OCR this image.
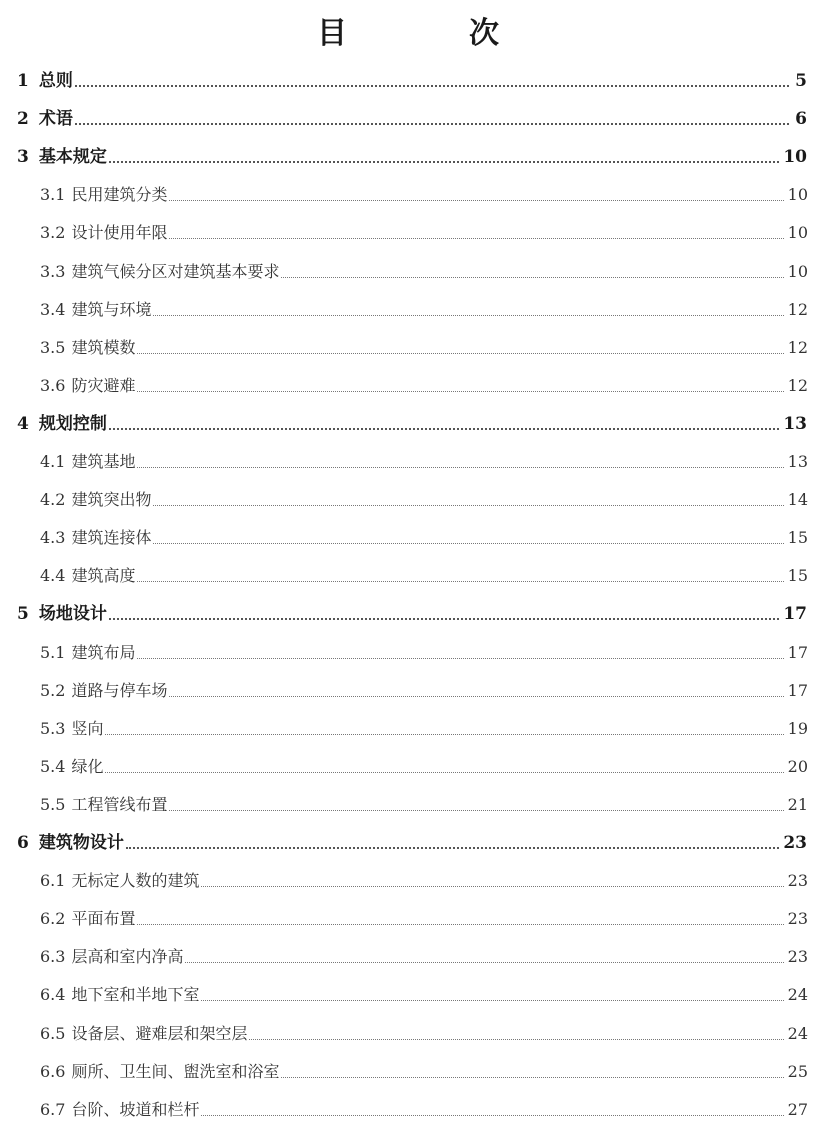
目　次
1 总则	5
2 术语	6
3 基本规定	10
3.1 民用建筑分类	10
3.2 设计使用年限	10
3.3 建筑气候分区对建筑基本要求	10
3.4 建筑与环境	12
3.5 建筑模数	12
3.6 防灾避难	12
4 规划控制	13
4.1 建筑基地	13
4.2 建筑突出物	14
4.3 建筑连接体	15
4.4 建筑高度	15
5 场地设计	17
5.1 建筑布局	17
5.2 道路与停车场	17
5.3 竖向	19
5.4 绿化	20
5.5 工程管线布置	21
6 建筑物设计	23
6.1 无标定人数的建筑	23
6.2 平面布置	23
6.3 层高和室内净高	23
6.4 地下室和半地下室	24
6.5 设备层、避难层和架空层	24
6.6 厕所、卫生间、盥洗室和浴室	25
6.7 台阶、坡道和栏杆	27
